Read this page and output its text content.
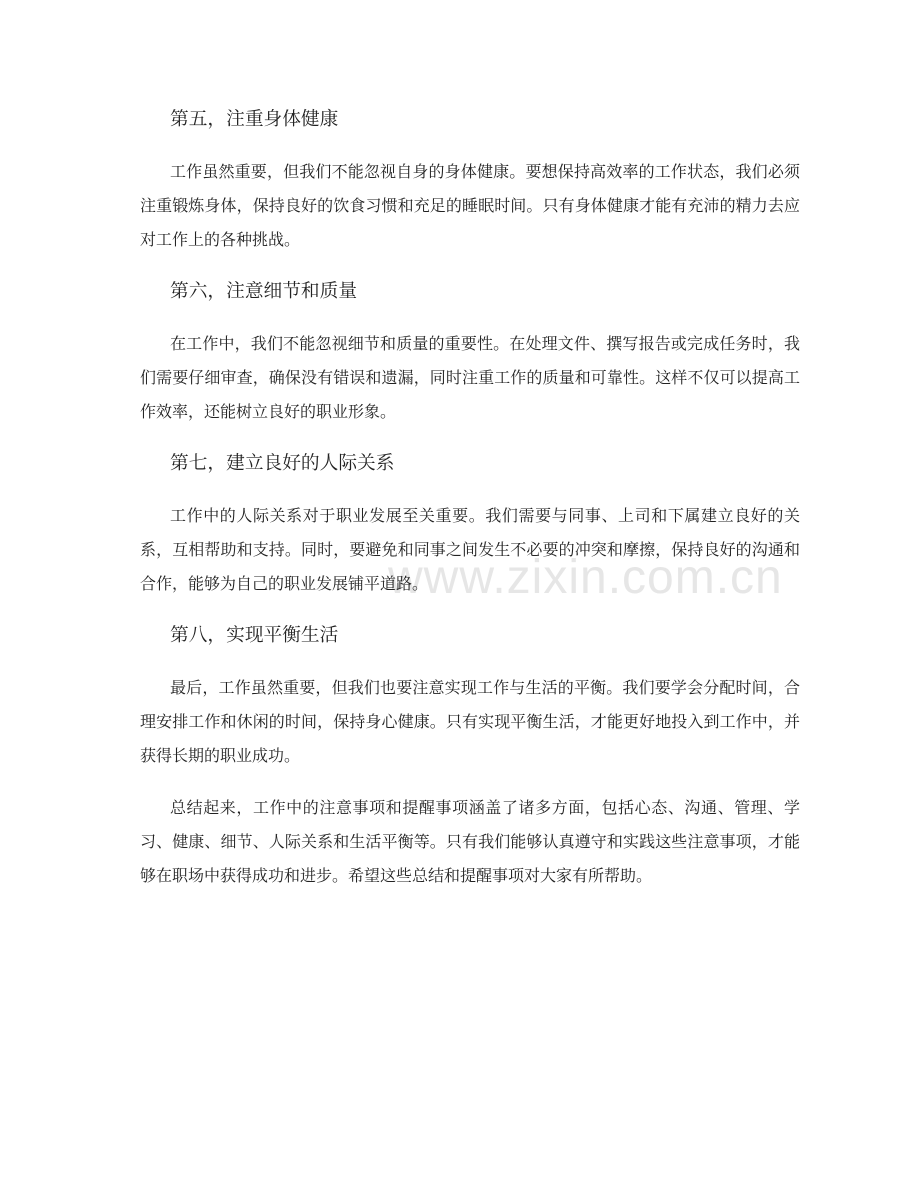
www.zixin.com.cn
第五，注重身体健康

工作虽然重要，但我们不能忽视自身的身体健康。要想保持高效率的工作状态，我们必须注重锻炼身体，保持良好的饮食习惯和充足的睡眠时间。只有身体健康才能有充沛的精力去应对工作上的各种挑战。

第六，注意细节和质量

在工作中，我们不能忽视细节和质量的重要性。在处理文件、撰写报告或完成任务时，我们需要仔细审查，确保没有错误和遗漏，同时注重工作的质量和可靠性。这样不仅可以提高工作效率，还能树立良好的职业形象。

第七，建立良好的人际关系

工作中的人际关系对于职业发展至关重要。我们需要与同事、上司和下属建立良好的关系，互相帮助和支持。同时，要避免和同事之间发生不必要的冲突和摩擦，保持良好的沟通和合作，能够为自己的职业发展铺平道路。

第八，实现平衡生活

最后，工作虽然重要，但我们也要注意实现工作与生活的平衡。我们要学会分配时间，合理安排工作和休闲的时间，保持身心健康。只有实现平衡生活，才能更好地投入到工作中，并获得长期的职业成功。

总结起来，工作中的注意事项和提醒事项涵盖了诸多方面，包括心态、沟通、管理、学习、健康、细节、人际关系和生活平衡等。只有我们能够认真遵守和实践这些注意事项，才能够在职场中获得成功和进步。希望这些总结和提醒事项对大家有所帮助。
